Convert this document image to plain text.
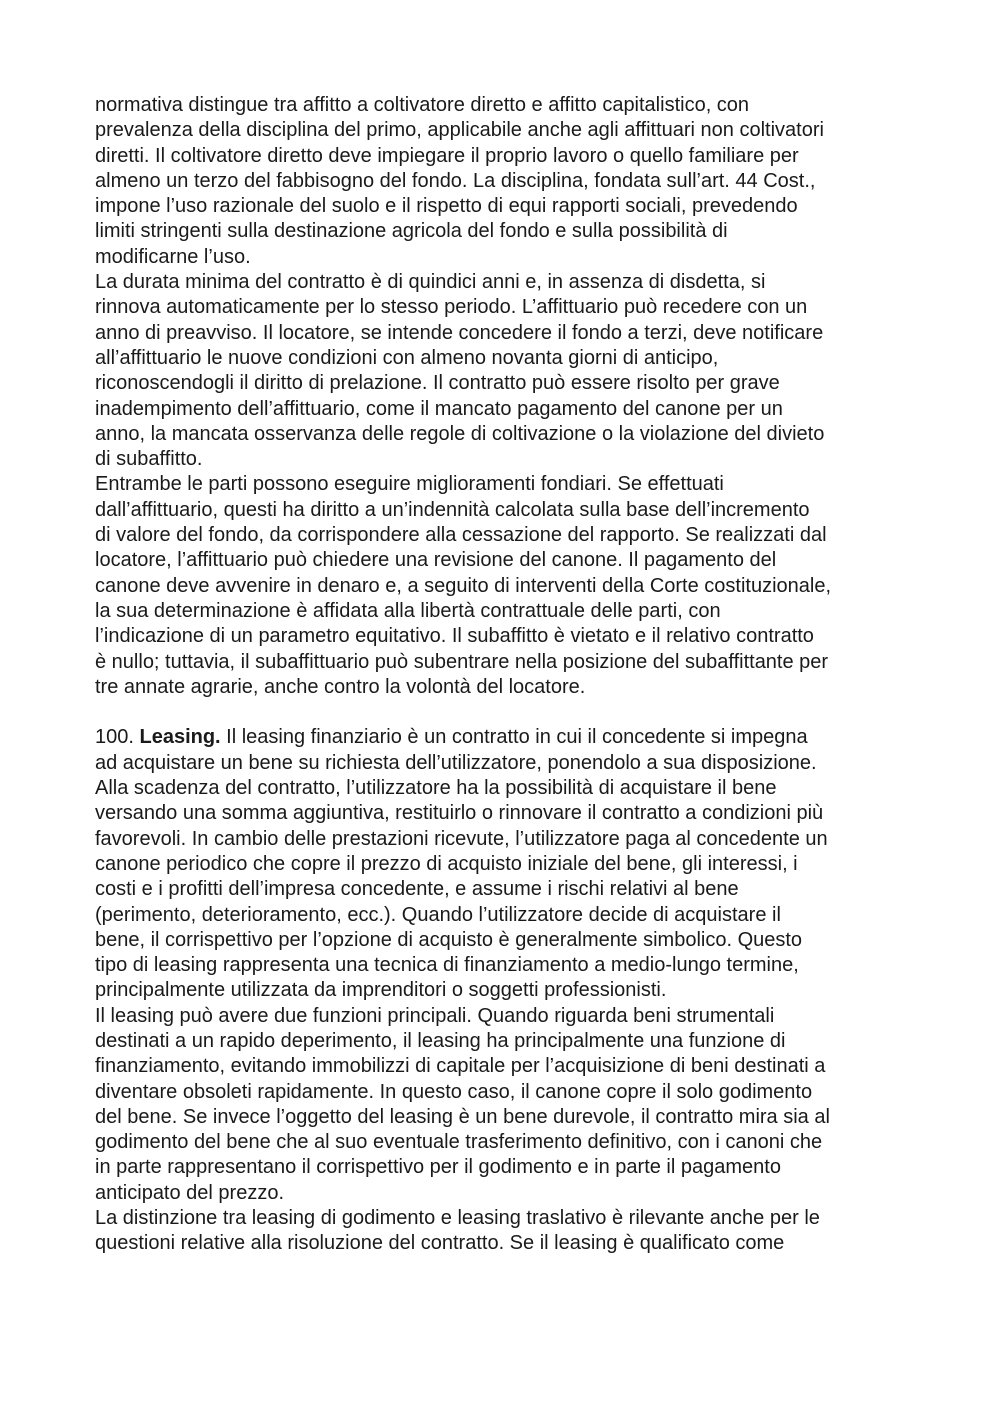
normativa distingue tra affitto a coltivatore diretto e affitto capitalistico, con
prevalenza della disciplina del primo, applicabile anche agli affittuari non coltivatori
diretti. Il coltivatore diretto deve impiegare il proprio lavoro o quello familiare per
almeno un terzo del fabbisogno del fondo. La disciplina, fondata sull’art. 44 Cost.,
impone l’uso razionale del suolo e il rispetto di equi rapporti sociali, prevedendo
limiti stringenti sulla destinazione agricola del fondo e sulla possibilità di
modificarne l’uso.
La durata minima del contratto è di quindici anni e, in assenza di disdetta, si
rinnova automaticamente per lo stesso periodo. L’affittuario può recedere con un
anno di preavviso. Il locatore, se intende concedere il fondo a terzi, deve notificare
all’affittuario le nuove condizioni con almeno novanta giorni di anticipo,
riconoscendogli il diritto di prelazione. Il contratto può essere risolto per grave
inadempimento dell’affittuario, come il mancato pagamento del canone per un
anno, la mancata osservanza delle regole di coltivazione o la violazione del divieto
di subaffitto.
Entrambe le parti possono eseguire miglioramenti fondiari. Se effettuati
dall’affittuario, questi ha diritto a un’indennità calcolata sulla base dell’incremento
di valore del fondo, da corrispondere alla cessazione del rapporto. Se realizzati dal
locatore, l’affittuario può chiedere una revisione del canone. Il pagamento del
canone deve avvenire in denaro e, a seguito di interventi della Corte costituzionale,
la sua determinazione è affidata alla libertà contrattuale delle parti, con
l’indicazione di un parametro equitativo. Il subaffitto è vietato e il relativo contratto
è nullo; tuttavia, il subaffittuario può subentrare nella posizione del subaffittante per
tre annate agrarie, anche contro la volontà del locatore.
100. Leasing. Il leasing finanziario è un contratto in cui il concedente si impegna
ad acquistare un bene su richiesta dell’utilizzatore, ponendolo a sua disposizione.
Alla scadenza del contratto, l’utilizzatore ha la possibilità di acquistare il bene
versando una somma aggiuntiva, restituirlo o rinnovare il contratto a condizioni più
favorevoli. In cambio delle prestazioni ricevute, l’utilizzatore paga al concedente un
canone periodico che copre il prezzo di acquisto iniziale del bene, gli interessi, i
costi e i profitti dell’impresa concedente, e assume i rischi relativi al bene
(perimento, deterioramento, ecc.). Quando l’utilizzatore decide di acquistare il
bene, il corrispettivo per l’opzione di acquisto è generalmente simbolico. Questo
tipo di leasing rappresenta una tecnica di finanziamento a medio-lungo termine,
principalmente utilizzata da imprenditori o soggetti professionisti.
Il leasing può avere due funzioni principali. Quando riguarda beni strumentali
destinati a un rapido deperimento, il leasing ha principalmente una funzione di
finanziamento, evitando immobilizzi di capitale per l’acquisizione di beni destinati a
diventare obsoleti rapidamente. In questo caso, il canone copre il solo godimento
del bene. Se invece l’oggetto del leasing è un bene durevole, il contratto mira sia al
godimento del bene che al suo eventuale trasferimento definitivo, con i canoni che
in parte rappresentano il corrispettivo per il godimento e in parte il pagamento
anticipato del prezzo.
La distinzione tra leasing di godimento e leasing traslativo è rilevante anche per le
questioni relative alla risoluzione del contratto. Se il leasing è qualificato come
